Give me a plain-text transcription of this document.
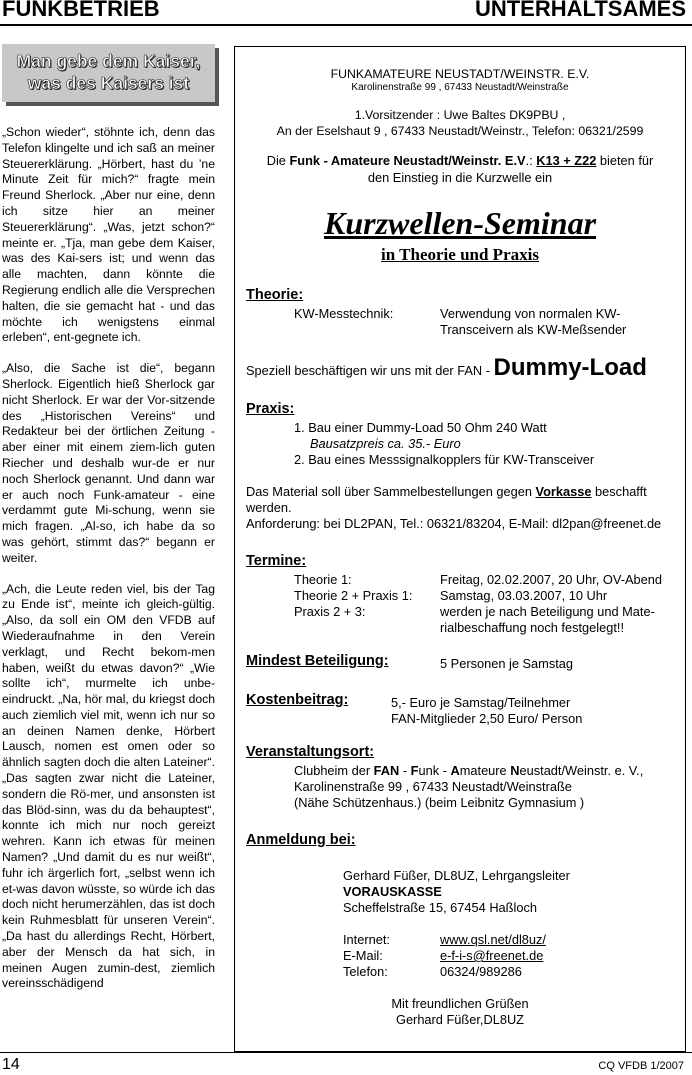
FUNKBETRIEB	UNTERHALTSAMES
Man gebe dem Kaiser,
was des Kaisers ist

„Schon wieder“, stöhnte ich, denn das Telefon klingelte und ich saß an meiner Steuererklärung. „Hörbert, hast du ’ne Minute Zeit für mich?“ fragte mein Freund Sherlock. „Aber nur eine, denn ich sitze hier an meiner Steuererklärung“. „Was, jetzt schon?“ meinte er. „Tja, man gebe dem Kaiser, was des Kai-sers ist; und wenn das alle machten, dann könnte die Regierung endlich alle die Versprechen halten, die sie gemacht hat - und das möchte ich wenigstens einmal erleben“, ent-gegnete ich.

„Also, die Sache ist die“, begann Sherlock. Eigentlich hieß Sherlock gar nicht Sherlock. Er war der Vor-sitzende des „Historischen Vereins“ und Redakteur bei der örtlichen Zeitung - aber einer mit einem ziem-lich guten Riecher und deshalb wur-de er nur noch Sherlock genannt. Und dann war er auch noch Funk-amateur - eine verdammt gute Mi-schung, wenn sie mich fragen. „Al-so, ich habe da so was gehört, stimmt das?“ begann er weiter.

„Ach, die Leute reden viel, bis der Tag zu Ende ist“, meinte ich gleich-gültig. „Also, da soll ein OM den VFDB auf Wiederaufnahme in den Verein verklagt, und Recht bekom-men haben, weißt du etwas davon?“ „Wie sollte ich“, murmelte ich unbe-eindruckt. „Na, hör mal, du kriegst doch auch ziemlich viel mit, wenn ich nur so an deinen Namen denke, Hörbert Lausch, nomen est omen oder so ähnlich sagten doch die alten Lateiner“. „Das sagten zwar nicht die Lateiner, sondern die Rö-mer, und ansonsten ist das Blöd-sinn, was du da behauptest“, konnte ich mich nur noch gereizt wehren. Kann ich etwas für meinen Namen? „Und damit du es nur weißt“, fuhr ich ärgerlich fort, „selbst wenn ich et-was davon wüsste, so würde ich das doch nicht herumerzählen, das ist doch kein Ruhmesblatt für unseren Verein“. „Da hast du allerdings Recht, Hörbert, aber der Mensch da hat sich, in meinen Augen zumin-dest, ziemlich vereinsschädigend

FUNKAMATEURE NEUSTADT/WEINSTR. E.V.
Karolinenstraße 99 , 67433 Neustadt/Weinstraße
1.Vorsitzender : Uwe Baltes DK9PBU ,
An der Eselshaut 9 , 67433 Neustadt/Weinstr., Telefon: 06321/2599
Die Funk - Amateure Neustadt/Weinstr. E.V.: K13 + Z22 bieten für
den Einstieg in die Kurzwelle ein
Kurzwellen-Seminar
in Theorie und Praxis
Theorie:
KW-Messtechnik:	Verwendung von normalen KW-
Transceivern als KW-Meßsender
Speziell beschäftigen wir uns mit der FAN - Dummy-Load
Praxis:
1. Bau einer Dummy-Load 50 Ohm 240 Watt
Bausatzpreis ca. 35.- Euro
2. Bau eines Messsignalkopplers für KW-Transceiver
Das Material soll über Sammelbestellungen gegen Vorkasse beschafft
werden.
Anforderung: bei DL2PAN, Tel.: 06321/83204, E-Mail: dl2pan@freenet.de
Termine:
Theorie 1:	Freitag, 02.02.2007, 20 Uhr, OV-Abend
Theorie 2 + Praxis 1: Samstag, 03.03.2007, 10 Uhr
Praxis 2 + 3:	werden je nach Beteiligung und Mate-
rialbeschaffung noch festgelegt!!
Mindest Beteiligung:	5 Personen je Samstag
Kostenbeitrag:	5,- Euro je Samstag/Teilnehmer
FAN-Mitglieder 2,50 Euro/ Person
Veranstaltungsort:
Clubheim der FAN - Funk - Amateure Neustadt/Weinstr. e. V.,
Karolinenstraße 99 , 67433 Neustadt/Weinstraße
(Nähe Schützenhaus.) (beim Leibnitz Gymnasium )
Anmeldung bei:
Gerhard Füßer, DL8UZ, Lehrgangsleiter
VORAUSKASSE
Scheffelstraße 15, 67454 Haßloch
Internet:	www.qsl.net/dl8uz/
E-Mail:	e-f-i-s@freenet.de
Telefon:	06324/989286
Mit freundlichen Grüßen
Gerhard Füßer,DL8UZ
14	CQ VFDB 1/2007
